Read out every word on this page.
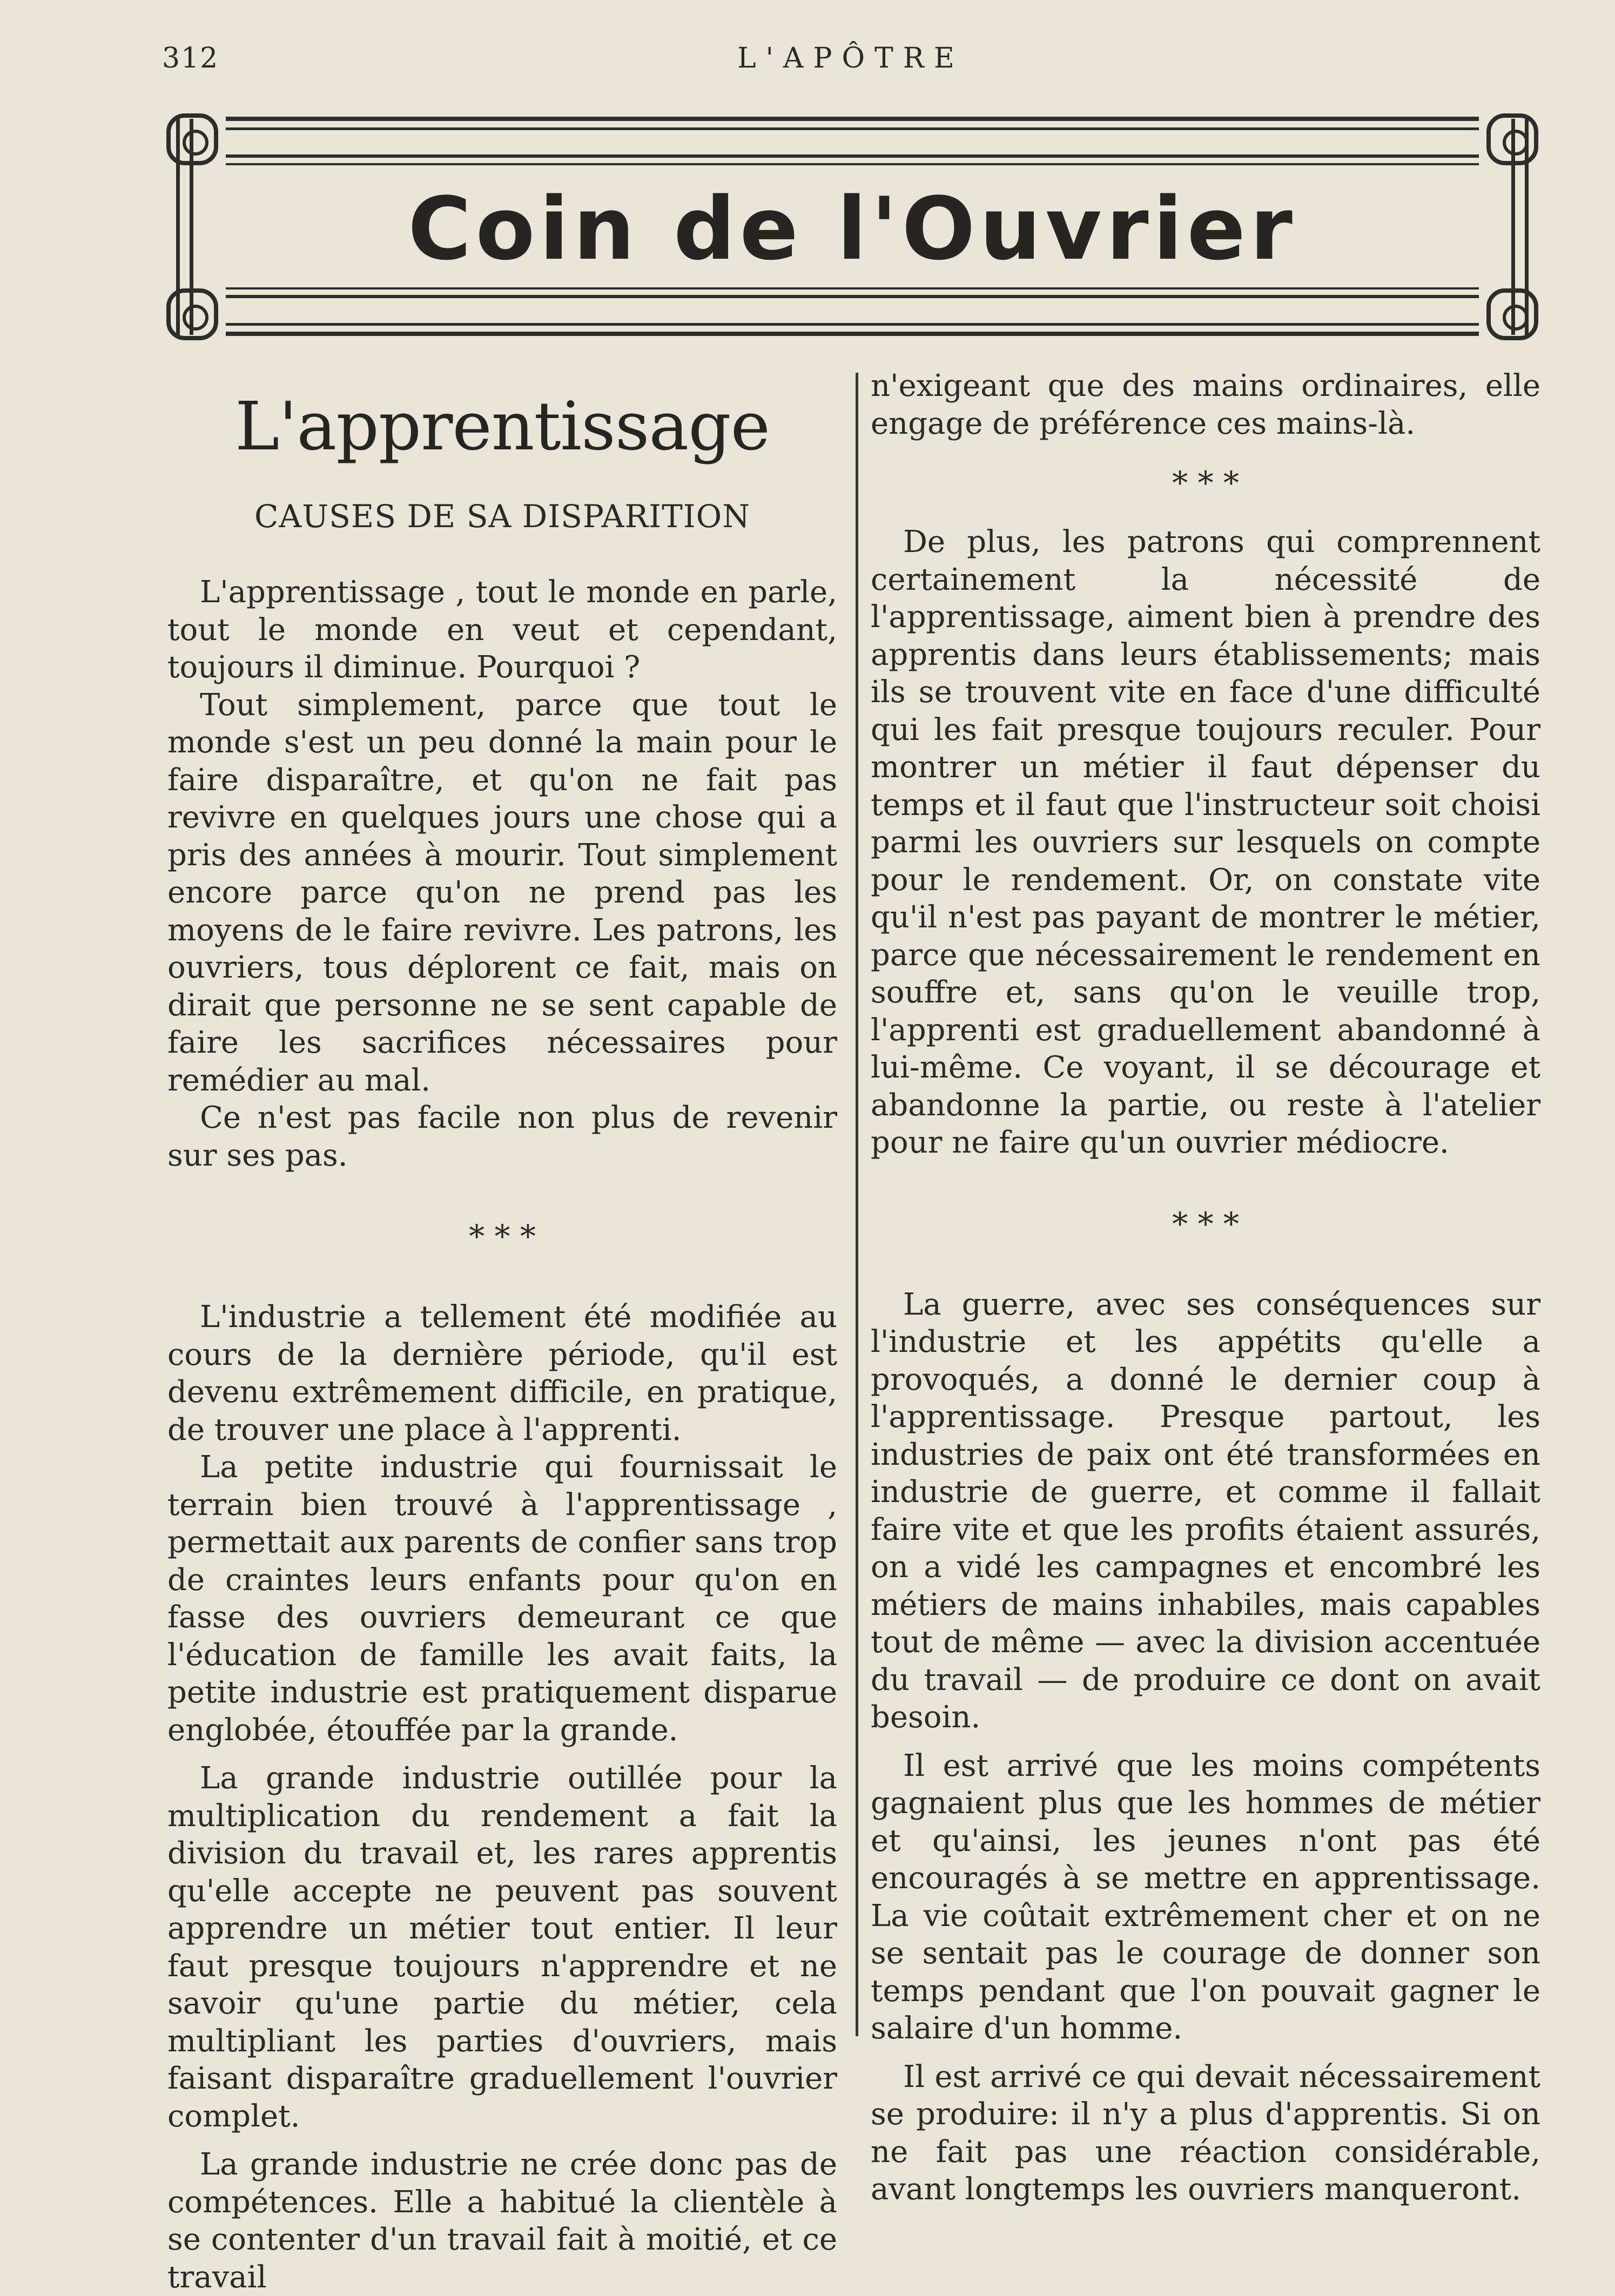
312	L'APÔTRE
Coin de l'Ouvrier
L'apprentissage
CAUSES DE SA DISPARITION

L'apprentissage , tout le monde en parle, tout le monde en veut et cependant, toujours il diminue. Pourquoi ?

Tout simplement, parce que tout le monde s'est un peu donné la main pour le faire disparaître, et qu'on ne fait pas revivre en quelques jours une chose qui a pris des années à mourir. Tout simplement encore parce qu'on ne prend pas les moyens de le faire revivre. Les patrons, les ouvriers, tous déplorent ce fait, mais on dirait que personne ne se sent capable de faire les sacrifices nécessaires pour remédier au mal.

Ce n'est pas facile non plus de revenir sur ses pas.

* * *

L'industrie a tellement été modifiée au cours de la dernière période, qu'il est devenu extrêmement difficile, en pratique, de trouver une place à l'apprenti.

La petite industrie qui fournissait le terrain bien trouvé à l'apprentissage , permettait aux parents de confier sans trop de craintes leurs enfants pour qu'on en fasse des ouvriers demeurant ce que l'éducation de famille les avait faits, la petite industrie est pratiquement disparue englobée, étouffée par la grande.

La grande industrie outillée pour la multiplication du rendement a fait la division du travail et, les rares apprentis qu'elle accepte ne peuvent pas souvent apprendre un métier tout entier. Il leur faut presque toujours n'apprendre et ne savoir qu'une partie du métier, cela multipliant les parties d'ouvriers, mais faisant disparaître graduellement l'ouvrier complet.

La grande industrie ne crée donc pas de compétences. Elle a habitué la clientèle à se contenter d'un travail fait à moitié, et ce travail

n'exigeant que des mains ordinaires, elle engage de préférence ces mains-là.

* * *

De plus, les patrons qui comprennent certainement la nécessité de l'apprentissage, aiment bien à prendre des apprentis dans leurs établissements; mais ils se trouvent vite en face d'une difficulté qui les fait presque toujours reculer. Pour montrer un métier il faut dépenser du temps et il faut que l'instructeur soit choisi parmi les ouvriers sur lesquels on compte pour le rendement. Or, on constate vite qu'il n'est pas payant de montrer le métier, parce que nécessairement le rendement en souffre et, sans qu'on le veuille trop, l'apprenti est graduellement abandonné à lui-même. Ce voyant, il se décourage et abandonne la partie, ou reste à l'atelier pour ne faire qu'un ouvrier médiocre.

* * *

La guerre, avec ses conséquences sur l'industrie et les appétits qu'elle a provoqués, a donné le dernier coup à l'apprentissage. Presque partout, les industries de paix ont été transformées en industrie de guerre, et comme il fallait faire vite et que les profits étaient assurés, on a vidé les campagnes et encombré les métiers de mains inhabiles, mais capables tout de même — avec la division accentuée du travail — de produire ce dont on avait besoin.

Il est arrivé que les moins compétents gagnaient plus que les hommes de métier et qu'ainsi, les jeunes n'ont pas été encouragés à se mettre en apprentissage. La vie coûtait extrêmement cher et on ne se sentait pas le courage de donner son temps pendant que l'on pouvait gagner le salaire d'un homme.

Il est arrivé ce qui devait nécessairement se produire: il n'y a plus d'apprentis. Si on ne fait pas une réaction considérable, avant longtemps les ouvriers manqueront.
